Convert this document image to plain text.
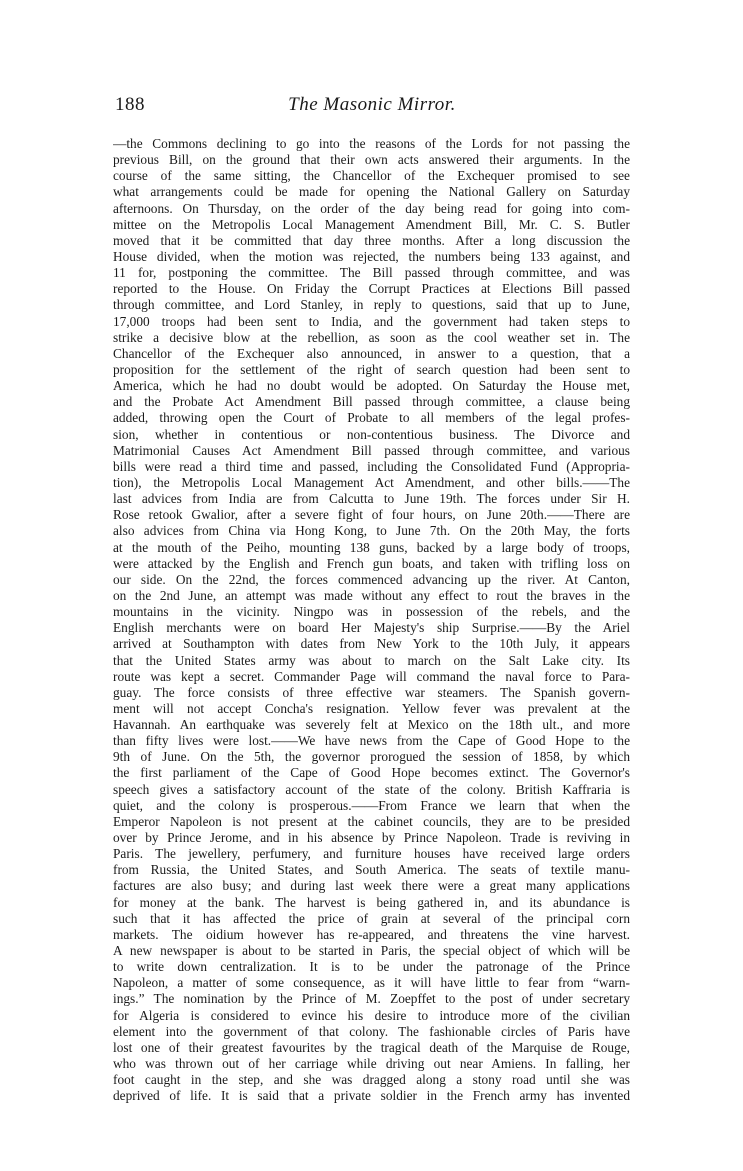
188	The Masonic Mirror.
—the Commons declining to go into the reasons of the Lords for not passing the
previous Bill, on the ground that their own acts answered their arguments. In the
course of the same sitting, the Chancellor of the Exchequer promised to see
what arrangements could be made for opening the National Gallery on Saturday
afternoons. On Thursday, on the order of the day being read for going into com-
mittee on the Metropolis Local Management Amendment Bill, Mr. C. S. Butler
moved that it be committed that day three months. After a long discussion the
House divided, when the motion was rejected, the numbers being 133 against, and
11 for, postponing the committee. The Bill passed through committee, and was
reported to the House. On Friday the Corrupt Practices at Elections Bill passed
through committee, and Lord Stanley, in reply to questions, said that up to June,
17,000 troops had been sent to India, and the government had taken steps to
strike a decisive blow at the rebellion, as soon as the cool weather set in. The
Chancellor of the Exchequer also announced, in answer to a question, that a
proposition for the settlement of the right of search question had been sent to
America, which he had no doubt would be adopted. On Saturday the House met,
and the Probate Act Amendment Bill passed through committee, a clause being
added, throwing open the Court of Probate to all members of the legal profes-
sion, whether in contentious or non-contentious business. The Divorce and
Matrimonial Causes Act Amendment Bill passed through committee, and various
bills were read a third time and passed, including the Consolidated Fund (Appropria-
tion), the Metropolis Local Management Act Amendment, and other bills.——The
last advices from India are from Calcutta to June 19th. The forces under Sir H.
Rose retook Gwalior, after a severe fight of four hours, on June 20th.——There are
also advices from China via Hong Kong, to June 7th. On the 20th May, the forts
at the mouth of the Peiho, mounting 138 guns, backed by a large body of troops,
were attacked by the English and French gun boats, and taken with trifling loss on
our side. On the 22nd, the forces commenced advancing up the river. At Canton,
on the 2nd June, an attempt was made without any effect to rout the braves in the
mountains in the vicinity. Ningpo was in possession of the rebels, and the
English merchants were on board Her Majesty's ship Surprise.——By the Ariel
arrived at Southampton with dates from New York to the 10th July, it appears
that the United States army was about to march on the Salt Lake city. Its
route was kept a secret. Commander Page will command the naval force to Para-
guay. The force consists of three effective war steamers. The Spanish govern-
ment will not accept Concha's resignation. Yellow fever was prevalent at the
Havannah. An earthquake was severely felt at Mexico on the 18th ult., and more
than fifty lives were lost.——We have news from the Cape of Good Hope to the
9th of June. On the 5th, the governor prorogued the session of 1858, by which
the first parliament of the Cape of Good Hope becomes extinct. The Governor's
speech gives a satisfactory account of the state of the colony. British Kaffraria is
quiet, and the colony is prosperous.——From France we learn that when the
Emperor Napoleon is not present at the cabinet councils, they are to be presided
over by Prince Jerome, and in his absence by Prince Napoleon. Trade is reviving in
Paris. The jewellery, perfumery, and furniture houses have received large orders
from Russia, the United States, and South America. The seats of textile manu-
factures are also busy; and during last week there were a great many applications
for money at the bank. The harvest is being gathered in, and its abundance is
such that it has affected the price of grain at several of the principal corn
markets. The oidium however has re-appeared, and threatens the vine harvest.
A new newspaper is about to be started in Paris, the special object of which will be
to write down centralization. It is to be under the patronage of the Prince
Napoleon, a matter of some consequence, as it will have little to fear from “warn-
ings.” The nomination by the Prince of M. Zoepffet to the post of under secretary
for Algeria is considered to evince his desire to introduce more of the civilian
element into the government of that colony. The fashionable circles of Paris have
lost one of their greatest favourites by the tragical death of the Marquise de Rouge,
who was thrown out of her carriage while driving out near Amiens. In falling, her
foot caught in the step, and she was dragged along a stony road until she was
deprived of life. It is said that a private soldier in the French army has invented
